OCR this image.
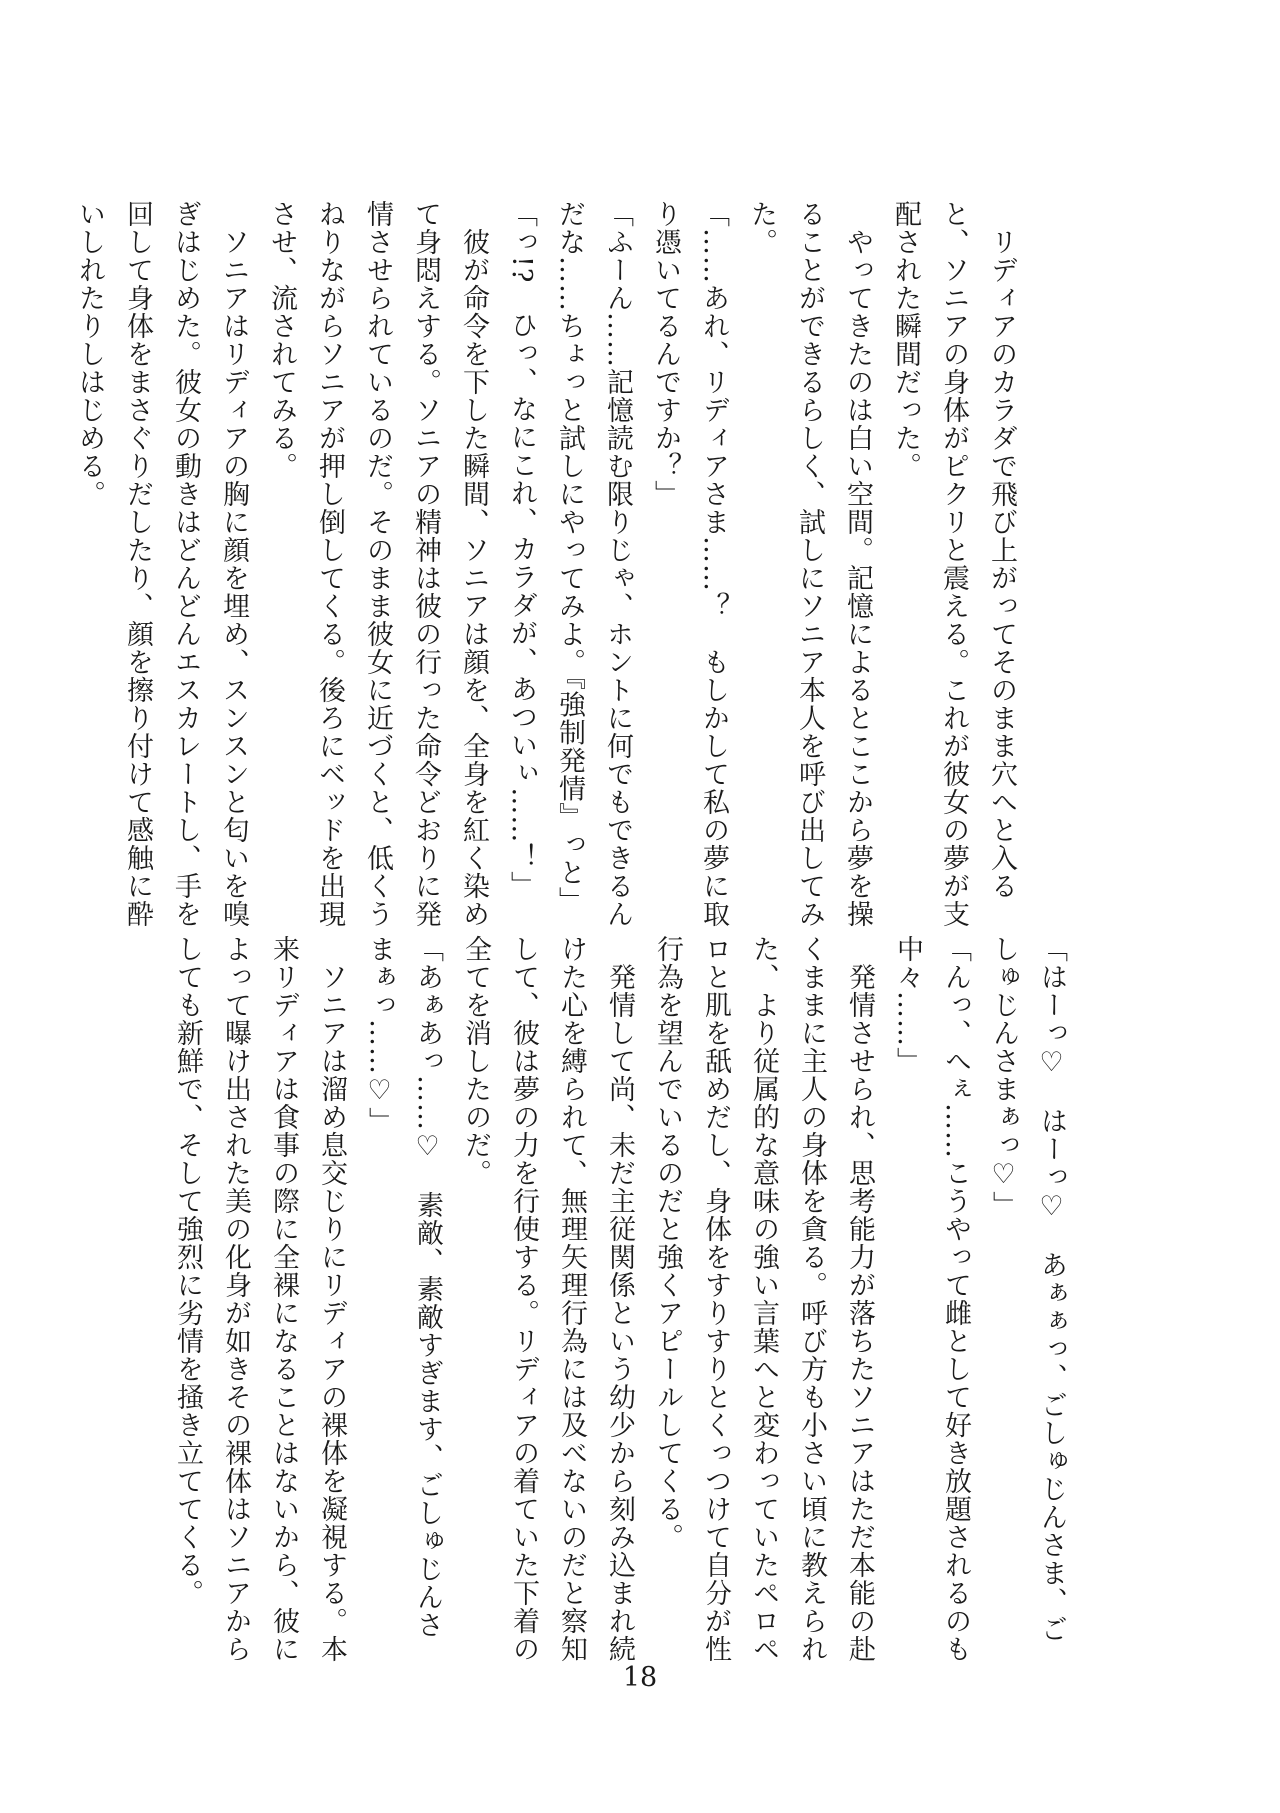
　リディアのカラダで飛び上がってそのまま穴へと入ると、ソニアの身体がピクリと震える。これが彼女の夢が支配された瞬間だった。

　やってきたのは白い空間。記憶によるとここから夢を操ることができるらしく、試しにソニア本人を呼び出してみた。

「……あれ、リディアさま……？　もしかして私の夢に取り憑いてるんですか？」

「ふーん……記憶読む限りじゃ、ホントに何でもできるんだな……ちょっと試しにやってみよ。『強制発情』っと」

「っ!?　ひっ、なにこれ、カラダが、あついぃ……！」

　彼が命令を下した瞬間、ソニアは顔を、全身を紅く染めて身悶えする。ソニアの精神は彼の行った命令どおりに発情させられているのだ。そのまま彼女に近づくと、低くうねりながらソニアが押し倒してくる。後ろにベッドを出現させ、流されてみる。

　ソニアはリディアの胸に顔を埋め、スンスンと匂いを嗅ぎはじめた。彼女の動きはどんどんエスカレートし、手を回して身体をまさぐりだしたり、顔を擦り付けて感触に酔いしれたりしはじめる。

「はーっ♡　はーっ♡　あぁぁっ、ごしゅじんさま、ごしゅじんさまぁっ♡」

「んっ、へぇ……こうやって雌として好き放題されるのも中々……」

　発情させられ、思考能力が落ちたソニアはただ本能の赴くままに主人の身体を貪る。呼び方も小さい頃に教えられた、より従属的な意味の強い言葉へと変わっていたペロペロと肌を舐めだし、身体をすりすりとくっつけて自分が性行為を望んでいるのだと強くアピールしてくる。

　発情して尚、未だ主従関係という幼少から刻み込まれ続けた心を縛られて、無理矢理行為には及べないのだと察知して、彼は夢の力を行使する。リディアの着ていた下着の全てを消したのだ。

「あぁあっ……♡　素敵、素敵すぎます、ごしゅじんさまぁっ……♡」

　ソニアは溜め息交じりにリディアの裸体を凝視する。本来リディアは食事の際に全裸になることはないから、彼によって曝け出された美の化身が如きその裸体はソニアからしても新鮮で、そして強烈に劣情を掻き立ててくる。

18
